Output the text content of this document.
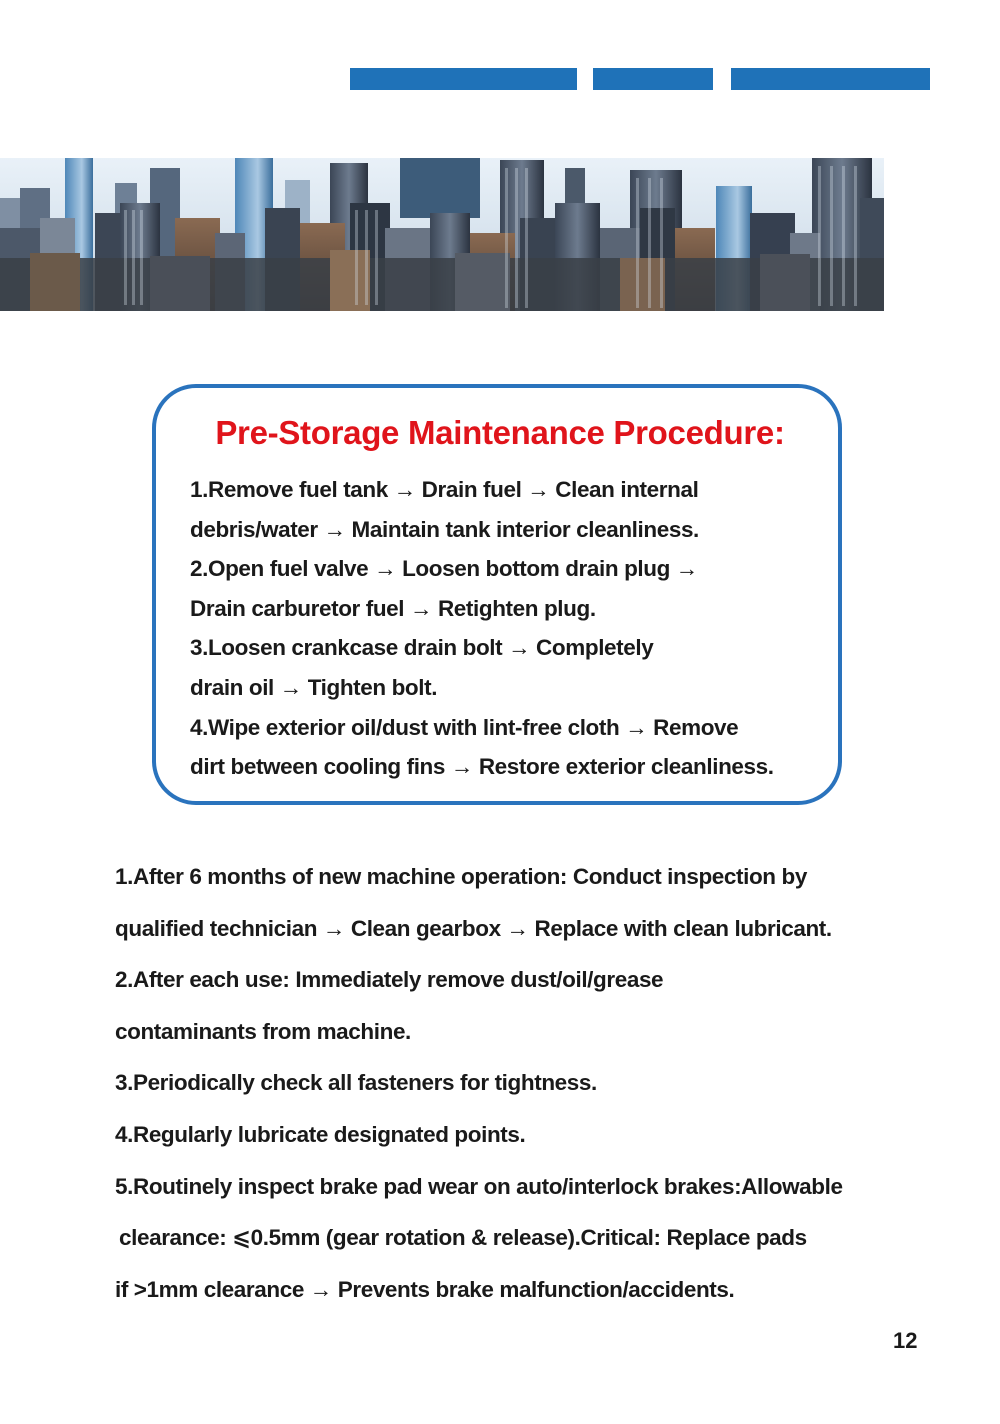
Pre-Storage Maintenance Procedure:
1.Remove fuel tank → Drain fuel → Clean internal
debris/water → Maintain tank interior cleanliness.
2.Open fuel valve → Loosen bottom drain plug →
Drain carburetor fuel → Retighten plug.
3.Loosen crankcase drain bolt → Completely
drain oil → Tighten bolt.
4.Wipe exterior oil/dust with lint-free cloth → Remove
dirt between cooling fins → Restore exterior cleanliness.
1.After 6 months of new machine operation: Conduct inspection by
qualified technician → Clean gearbox → Replace with clean lubricant.
2.After each use: Immediately remove dust/oil/grease
contaminants from machine.
3.Periodically check all fasteners for tightness.
4.Regularly lubricate designated points.
5.Routinely inspect brake pad wear on auto/interlock brakes:Allowable
clearance: ⩽0.5mm (gear rotation & release).Critical: Replace pads
if >1mm clearance → Prevents brake malfunction/accidents.
12
